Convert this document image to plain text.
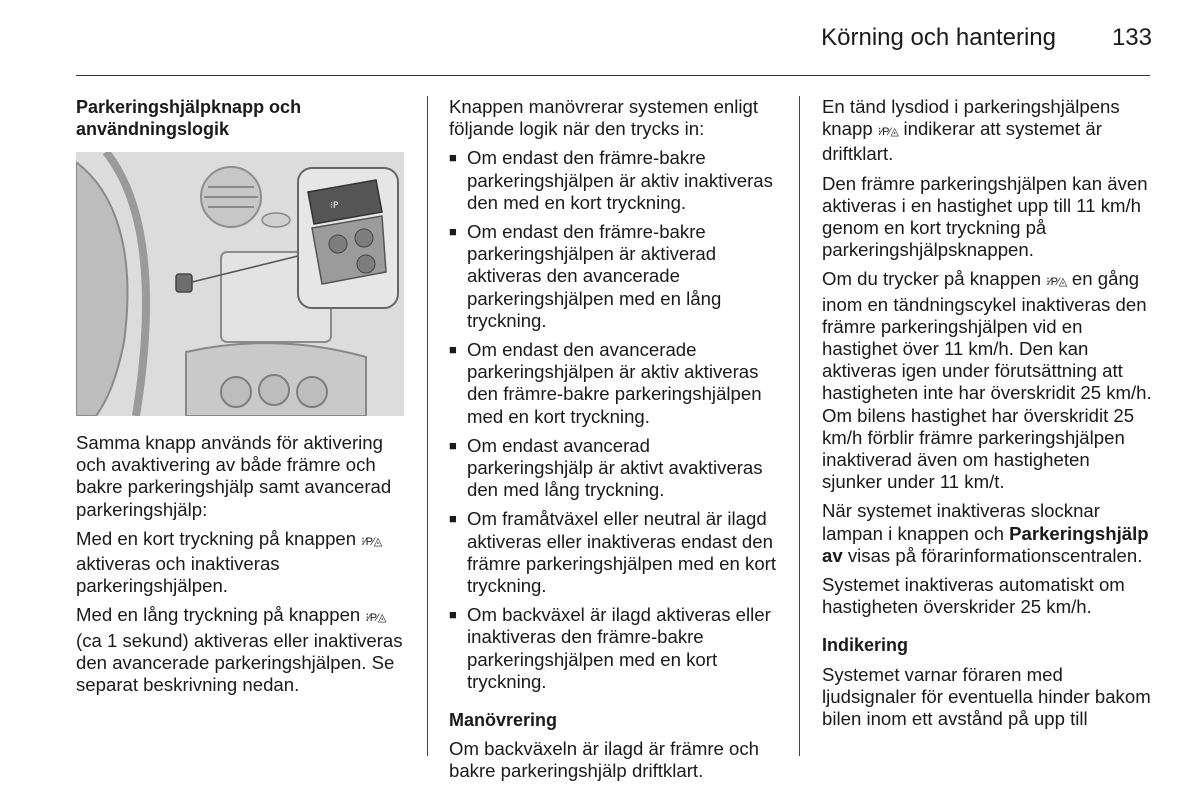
Körning och hantering 133

Parkeringshjälpknapp och användningslogik

⁝P

Samma knapp används för aktivering och avaktivering av både främre och bakre parkeringshjälp samt avancerad parkeringshjälp:

Med en kort tryckning på knappen ⁝⁄P⁄◬ aktiveras och inaktiveras parkeringshjälpen.

Med en lång tryckning på knappen ⁝⁄P⁄◬ (ca 1 sekund) aktiveras eller inaktiveras den avancerade parkeringshjälpen. Se separat beskrivning nedan.

Knappen manövrerar systemen enligt följande logik när den trycks in:

■ Om endast den främre-bakre parkeringshjälpen är aktiv inaktiveras den med en kort tryckning.
■ Om endast den främre-bakre parkeringshjälpen är aktiverad aktiveras den avancerade parkeringshjälpen med en lång tryckning.
■ Om endast den avancerade parkeringshjälpen är aktiv aktiveras den främre-bakre parkeringshjälpen med en kort tryckning.
■ Om endast avancerad parkeringshjälp är aktivt avaktiveras den med lång tryckning.
■ Om framåtväxel eller neutral är ilagd aktiveras eller inaktiveras endast den främre parkeringshjälpen med en kort tryckning.
■ Om backväxel är ilagd aktiveras eller inaktiveras den främre-bakre parkeringshjälpen med en kort tryckning.

Manövrering

Om backväxeln är ilagd är främre och bakre parkeringshjälp driftklart.

En tänd lysdiod i parkeringshjälpens knapp ⁝⁄P⁄◬ indikerar att systemet är driftklart.

Den främre parkeringshjälpen kan även aktiveras i en hastighet upp till 11 km/h genom en kort tryckning på parkeringshjälpsknappen.

Om du trycker på knappen ⁝⁄P⁄◬ en gång inom en tändningscykel inaktiveras den främre parkeringshjälpen vid en hastighet över 11 km/h. Den kan aktiveras igen under förutsättning att hastigheten inte har överskridit 25 km/h. Om bilens hastighet har överskridit 25 km/h förblir främre parkeringshjälpen inaktiverad även om hastigheten sjunker under 11 km/t.

När systemet inaktiveras slocknar lampan i knappen och Parkeringshjälp av visas på förarinformationscentralen.

Systemet inaktiveras automatiskt om hastigheten överskrider 25 km/h.

Indikering

Systemet varnar föraren med ljudsignaler för eventuella hinder bakom bilen inom ett avstånd på upp till
